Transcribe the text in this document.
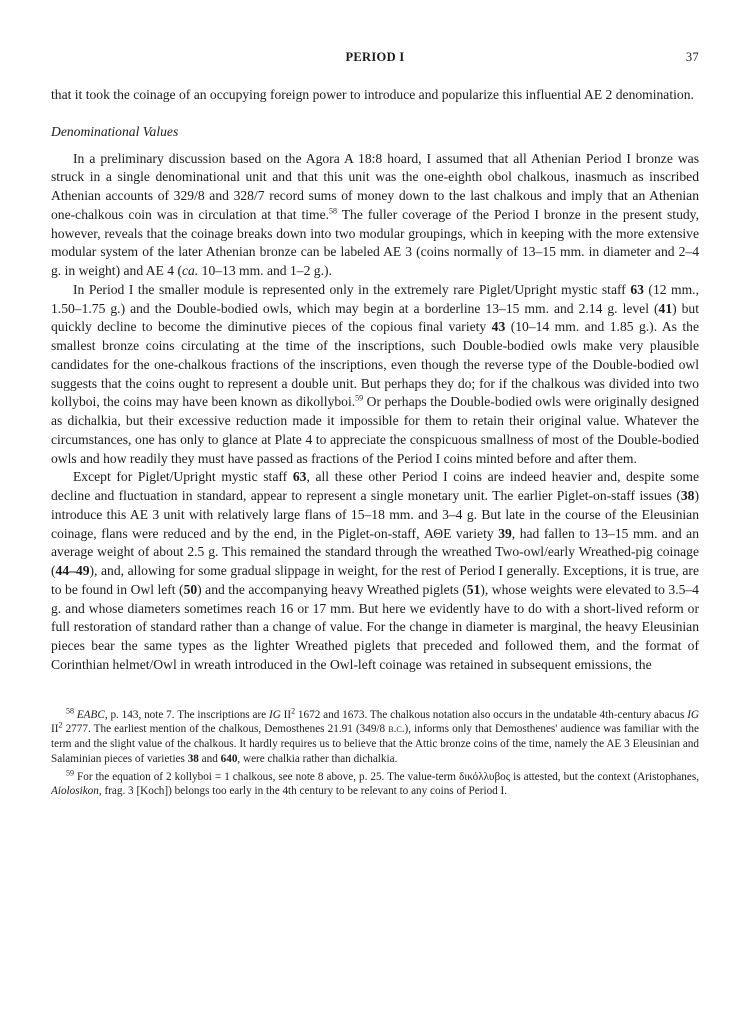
PERIOD I	37

that it took the coinage of an occupying foreign power to introduce and popularize this influential AE 2 denomination.

Denominational Values

In a preliminary discussion based on the Agora A 18:8 hoard, I assumed that all Athenian Period I bronze was struck in a single denominational unit and that this unit was the one-eighth obol chalkous, inasmuch as inscribed Athenian accounts of 329/8 and 328/7 record sums of money down to the last chalkous and imply that an Athenian one-chalkous coin was in circulation at that time.$^{58}$ The fuller coverage of the Period I bronze in the present study, however, reveals that the coinage breaks down into two modular groupings, which in keeping with the more extensive modular system of the later Athenian bronze can be labeled AE 3 (coins normally of 13–15 mm. in diameter and 2–4 g. in weight) and AE 4 (ca. 10–13 mm. and 1–2 g.).

In Period I the smaller module is represented only in the extremely rare Piglet/Upright mystic staff 63 (12 mm., 1.50–1.75 g.) and the Double-bodied owls, which may begin at a borderline 13–15 mm. and 2.14 g. level (41) but quickly decline to become the diminutive pieces of the copious final variety 43 (10–14 mm. and 1.85 g.). As the smallest bronze coins circulating at the time of the inscriptions, such Double-bodied owls make very plausible candidates for the one-chalkous fractions of the inscriptions, even though the reverse type of the Double-bodied owl suggests that the coins ought to represent a double unit. But perhaps they do; for if the chalkous was divided into two kollyboi, the coins may have been known as dikollyboi.$^{59}$ Or perhaps the Double-bodied owls were originally designed as dichalkia, but their excessive reduction made it impossible for them to retain their original value. Whatever the circumstances, one has only to glance at Plate 4 to appreciate the conspicuous smallness of most of the Double-bodied owls and how readily they must have passed as fractions of the Period I coins minted before and after them.

Except for Piglet/Upright mystic staff 63, all these other Period I coins are indeed heavier and, despite some decline and fluctuation in standard, appear to represent a single monetary unit. The earlier Piglet-on-staff issues (38) introduce this AE 3 unit with relatively large flans of 15–18 mm. and 3–4 g. But late in the course of the Eleusinian coinage, flans were reduced and by the end, in the Piglet-on-staff, ΑΘΕ variety 39, had fallen to 13–15 mm. and an average weight of about 2.5 g. This remained the standard through the wreathed Two-owl/early Wreathed-pig coinage (44–49), and, allowing for some gradual slippage in weight, for the rest of Period I generally. Exceptions, it is true, are to be found in Owl left (50) and the accompanying heavy Wreathed piglets (51), whose weights were elevated to 3.5–4 g. and whose diameters sometimes reach 16 or 17 mm. But here we evidently have to do with a short-lived reform or full restoration of standard rather than a change of value. For the change in diameter is marginal, the heavy Eleusinian pieces bear the same types as the lighter Wreathed piglets that preceded and followed them, and the format of Corinthian helmet/Owl in wreath introduced in the Owl-left coinage was retained in subsequent emissions, the

$^{58}$ EABC, p. 143, note 7. The inscriptions are IG $II^2$ 1672 and 1673. The chalkous notation also occurs in the undatable 4th-century abacus IG $II^2$ 2777. The earliest mention of the chalkous, Demosthenes 21.91 (349/8 b.c.), informs only that Demosthenes' audience was familiar with the term and the slight value of the chalkous. It hardly requires us to believe that the Attic bronze coins of the time, namely the AE 3 Eleusinian and Salaminian pieces of varieties 38 and 640, were chalkia rather than dichalkia.

$^{59}$ For the equation of 2 kollyboi = 1 chalkous, see note 8 above, p. 25. The value-term δικόλλυβος is attested, but the context (Aristophanes, Aiolosikon, frag. 3 [Koch]) belongs too early in the 4th century to be relevant to any coins of Period I.
